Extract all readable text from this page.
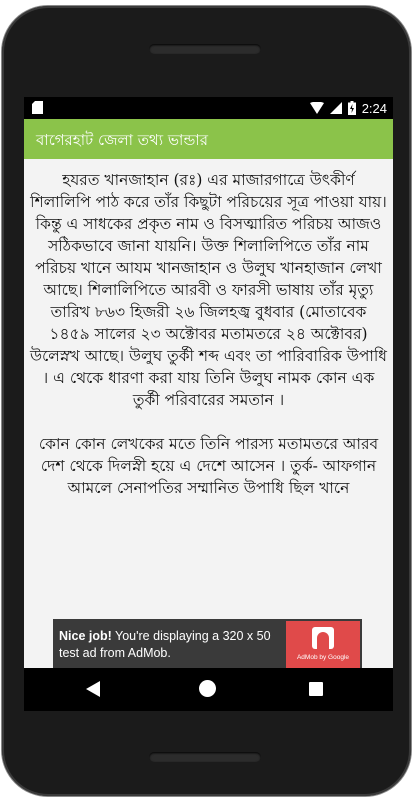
2:24
বাগেরহাট জেলা তথ্য ভান্ডার

হযরত খানজাহান (রঃ) এর মাজারগাত্রে উৎকীর্ণ শিলালিপি পাঠ করে তাঁর কিছুটা পরিচয়ের সূত্র পাওয়া যায়। কিন্তু এ সাধকের প্রকৃত নাম ও বিসত্মারিত পরিচয় আজও সঠিকভাবে জানা যায়নি। উক্ত শিলালিপিতে তাঁর নাম পরিচয় খানে আযম খানজাহান ও উলুঘ খানহাজান লেখা আছে। শিলালিপিতে আরবী ও ফারসী ভাষায় তাঁর মৃত্যু তারিখ ৮৬৩ হিজরী ২৬ জিলহজ্ব বুধবার (মোতাবেক ১৪৫৯ সালের ২৩ অক্টোবর মতামতরে ২৪ অক্টোবর) উলেস্নখ আছে। উলুঘ তুর্কী শব্দ এবং তা পারিবারিক উপাধি । এ থেকে ধারণা করা যায় তিনি উলুঘ নামক কোন এক তুর্কী পরিবারের সমতান ।

কোন কোন লেখকের মতে তিনি পারস্য মতামতরে আরব দেশ থেকে দিলস্নী হয়ে এ দেশে আসেন । তুর্ক- আফগান আমলে সেনাপতির সম্মানিত উপাধি ছিল খানে

Nice job! You're displaying a 320 x 50 test ad from AdMob.	AdMob by Google
